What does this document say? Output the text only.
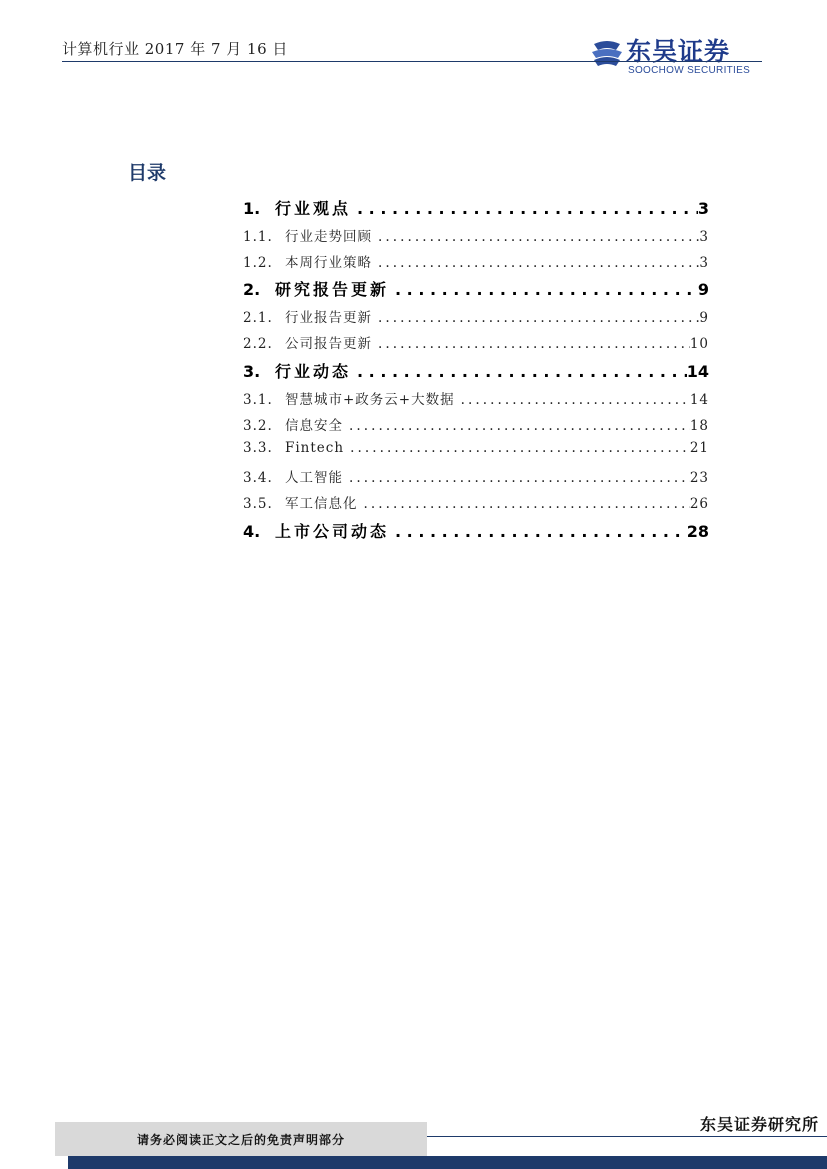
计算机行业 2017 年 7 月 16 日	东吴证券
SOOCHOW SECURITIES
目录
1. 行业观点 . . .	3
1.1. 行业走势回顾 . . .	3
1.2. 本周行业策略 . . .	3
2. 研究报告更新 . . .	9
2.1. 行业报告更新 . . .	9
2.2. 公司报告更新 . . .	10
3. 行业动态 . . .	14
3.1. 智慧城市+政务云+大数据 . . .	14
3.2. 信息安全 . . .	18
3.3. Fintech . . .	21
3.4. 人工智能 . . .	23
3.5. 军工信息化 . . .	26
4. 上市公司动态 . . .	28
东吴证券研究所
请务必阅读正文之后的免责声明部分
